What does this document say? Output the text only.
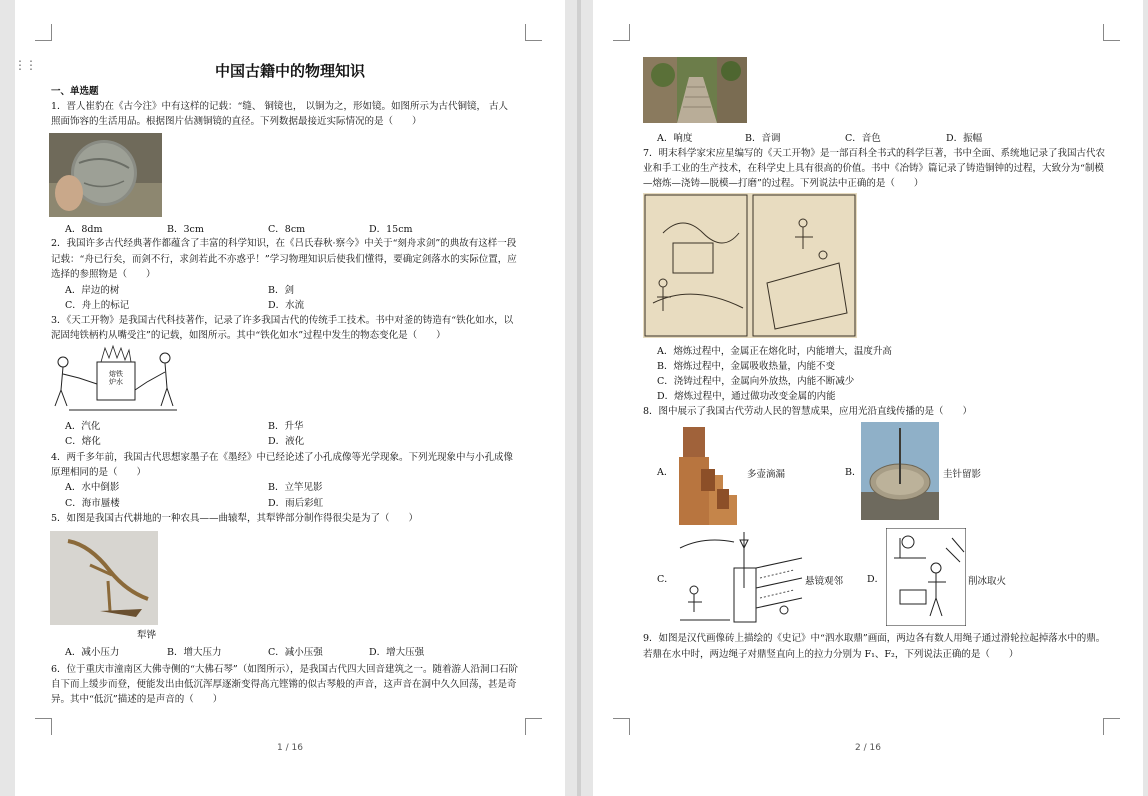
中国古籍中的物理知识
一、单选题
1．晋人崔豹在《古今注》中有这样的记载：“缝、 铜镜也， 以铜为之，形如镜。如图所示为古代铜镜， 古人
照面饰容的生活用品。根据图片估测铜镜的直径。下列数据最接近实际情况的是（　　）
A．8dm	B．3cm	C．8cm	D．15cm
2．我国许多古代经典著作都蕴含了丰富的科学知识，在《吕氏春秋·察今》中关于“刻舟求剑”的典故有这样一段
记载：“舟已行矣，而剑不行，求剑若此不亦惑乎！”学习物理知识后使我们懂得，要确定剑落水的实际位置，应
选择的参照物是（　　）
A．岸边的树	B．剑
C．舟上的标记	D．水流
3．《天工开物》是我国古代科技著作，记录了许多我国古代的传统手工技术。书中对釜的铸造有“铁化如水，以
泥固纯铁柄杓从嘴受注”的记载，如图所示。其中“铁化如水”过程中发生的物态变化是（　　）
熔铁炉水
A．汽化	B．升华
C．熔化	D．液化
4．两千多年前，我国古代思想家墨子在《墨经》中已经论述了小孔成像等光学现象。下列光现象中与小孔成像
原理相同的是（　　）
A．水中倒影	B．立竿见影
C．海市蜃楼	D．雨后彩虹
5．如图是我国古代耕地的一种农具——曲辕犁，其犁铧部分制作得很尖是为了（　　）
犁铧
A．减小压力	B．增大压力	C．减小压强	D．增大压强
6．位于重庆市潼南区大佛寺侧的“大佛石琴”（如图所示），是我国古代四大回音建筑之一。随着游人沿洞口石阶
自下而上缓步而登，便能发出由低沉浑厚逐渐变得高亢铿锵的似古琴般的声音，这声音在洞中久久回荡，甚是奇
异。其中“低沉”描述的是声音的（　　）
1 / 16
⋮⋮
A．响度	B．音调	C．音色	D．振幅
7．明末科学家宋应星编写的《天工开物》是一部百科全书式的科学巨著，书中全面、系统地记录了我国古代农
业和手工业的生产技术，在科学史上具有很高的价值。书中《冶铸》篇记录了铸造铜钟的过程，大致分为“制模
—熔炼—浇铸—脱模—打磨”的过程。下列说法中正确的是（　　）
A．熔炼过程中，金属正在熔化时，内能增大，温度升高
B．熔炼过程中，金属吸收热量，内能不变
C．浇铸过程中，金属向外放热，内能不断减少
D．熔炼过程中，通过做功改变金属的内能
8．图中展示了我国古代劳动人民的智慧成果，应用光沿直线传播的是（　　）
A．	多壶滴漏	B．	圭针留影
C．	悬镜观邻	D．	削冰取火
9．如图是汉代画像砖上描绘的《史记》中“泗水取鼎”画面，两边各有数人用绳子通过滑轮拉起掉落水中的鼎。
若鼎在水中时，两边绳子对鼎竖直向上的拉力分别为 F₁、F₂，下列说法正确的是（　　）
2 / 16
